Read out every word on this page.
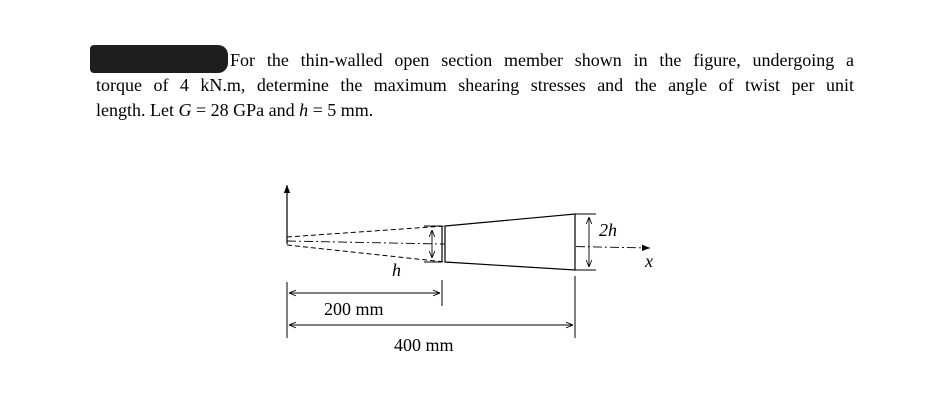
For the thin-walled open section member shown in the figure, undergoing a
torque of 4 kN.m, determine the maximum shearing stresses and the angle of twist per unit
length. Let G = 28 GPa and h = 5 mm.
h
2h
x
200 mm
400 mm
